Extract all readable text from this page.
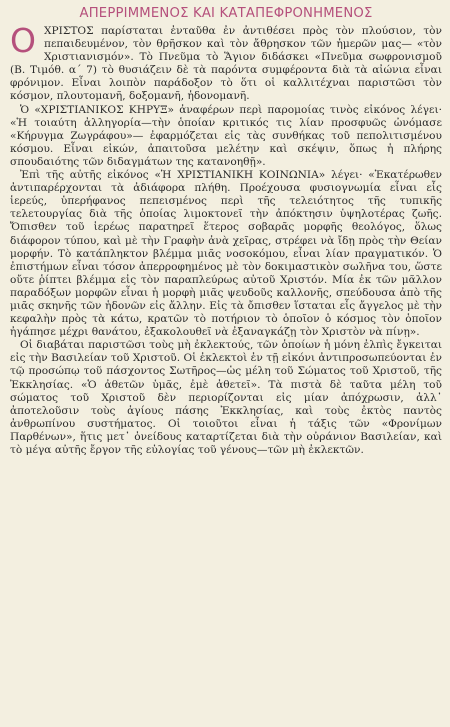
ΑΠΕΡΡΙΜΜΕΝΟΣ ΚΑΙ ΚΑΤΑΠΕΦΡΟΝΗΜΕΝΟΣ

ΟΧΡΙΣΤΟΣ παρίσταται ἐνταῦθα ἐν ἀντιθέσει πρὸς τὸν πλούσιον, τὸν πεπαιδευμένον, τὸν θρῆσκον καὶ τὸν ἄθρησκον τῶν ἡμερῶν μας— «τὸν Χριστιανισμόν». Τὸ Πνεῦμα τὸ Ἅγιον διδάσκει «Πνεῦμα σωφρονισμοῦ (Β. Τιμόθ. α΄ 7) τὸ θυσιάζειν δὲ τὰ παρόντα συμφέροντα διὰ τὰ αἰώνια εἶναι φρόνιμον. Εἶναι λοιπὸν παράδοξον τὸ ὅτι οἱ καλλιτέχναι παριστῶσι τὸν κόσμον, πλουτομανῆ, δοξομανῆ, ἡδονομανῆ.

Ὁ «ΧΡΙΣΤΙΑΝΙΚΟΣ ΚΗΡΥΞ» ἀναφέρων περὶ παρομοίας τινὸς εἰκόνος λέγει· «Ἡ τοιαύτη ἀλληγορία—τὴν ὁποίαν κριτικός τις λίαν προσφυῶς ὠνόμασε «Κήρυγμα Ζωγράφου»— ἐφαρμόζεται εἰς τὰς συνθήκας τοῦ πεπολιτισμένου κόσμου. Εἶναι εἰκών, ἀπαιτοῦσα μελέτην καὶ σκέψιν, ὅπως ἡ πλήρης σπουδαιότης τῶν διδαγμάτων της κατανοηθῇ».

Ἐπὶ τῆς αὐτῆς εἰκόνος «Ἡ ΧΡΙΣΤΙΑΝΙΚΗ ΚΟΙΝΩΝΙΑ» λέγει· «Ἑκατέρωθεν ἀντιπαρέρχονται τὰ ἀδιάφορα πλήθη. Προέχουσα φυσιογνωμία εἶναι εἷς ἱερεύς, ὑπερήφανος πεπεισμένος περὶ τῆς τελειότητος τῆς τυπικῆς τελετουργίας διὰ τῆς ὁποίας λιμοκτονεῖ τὴν ἀπόκτησιν ὑψηλοτέρας ζωῆς. Ὄπισθεν τοῦ ἱερέως παρατηρεῖ ἕτερος σοβαρᾶς μορφῆς θεολόγος, ὅλως διάφορον τύπου, καὶ μὲ τὴν Γραφὴν ἀνὰ χεῖρας, στρέφει νὰ ἴδῃ πρὸς τὴν Θείαν μορφήν. Τὸ κατάπληκτον βλέμμα μιᾶς νοσοκόμου, εἶναι λίαν πραγματικόν. Ὁ ἐπιστήμων εἶναι τόσον ἀπερροφημένος μὲ τὸν δοκιμαστικὸν σωλῆνα του, ὥστε οὔτε ῥίπτει βλέμμα εἰς τὸν παραπλεύρως αὐτοῦ Χριστόν. Μία ἐκ τῶν μᾶλλον παραδόξων μορφῶν εἶναι ἡ μορφὴ μιᾶς ψευδοῦς καλλονῆς, σπεύδουσα ἀπὸ τῆς μιᾶς σκηνῆς τῶν ἡδονῶν εἰς ἄλλην. Εἰς τὰ ὄπισθεν ἵσταται εἷς ἄγγελος μὲ τὴν κεφαλὴν πρὸς τὰ κάτω, κρατῶν τὸ ποτήριον τὸ ὁποῖον ὁ κόσμος τὸν ὁποῖον ἠγάπησε μέχρι θανάτου, ἐξακολουθεῖ νὰ ἐξαναγκάζῃ τὸν Χριστὸν νὰ πίνῃ».

Οἱ διαβάται παριστῶσι τοὺς μὴ ἐκλεκτούς, τῶν ὁποίων ἡ μόνη ἐλπὶς ἔγκειται εἰς τὴν Βασιλείαν τοῦ Χριστοῦ. Οἱ ἐκλεκτοὶ ἐν τῇ εἰκόνι ἀντιπροσωπεύονται ἐν τῷ προσώπῳ τοῦ πάσχοντος Σωτῆρος—ὡς μέλη τοῦ Σώματος τοῦ Χριστοῦ, τῆς Ἐκκλησίας. «Ὁ ἀθετῶν ὑμᾶς, ἐμὲ ἀθετεῖ». Τὰ πιστὰ δὲ ταῦτα μέλη τοῦ σώματος τοῦ Χριστοῦ δὲν περιορίζονται εἰς μίαν ἀπόχρωσιν, ἀλλ᾽ ἀποτελοῦσιν τοὺς ἁγίους πάσης Ἐκκλησίας, καὶ τοὺς ἐκτὸς παντὸς ἀνθρωπίνου συστήματος. Οἱ τοιοῦτοι εἶναι ἡ τάξις τῶν «Φρονίμων Παρθένων», ἥτις μετ᾽ ὀνείδους καταρτίζεται διὰ τὴν οὐράνιον Βασιλείαν, καὶ τὸ μέγα αὐτῆς ἔργον τῆς εὐλογίας τοῦ γένους—τῶν μὴ ἐκλεκτῶν.
